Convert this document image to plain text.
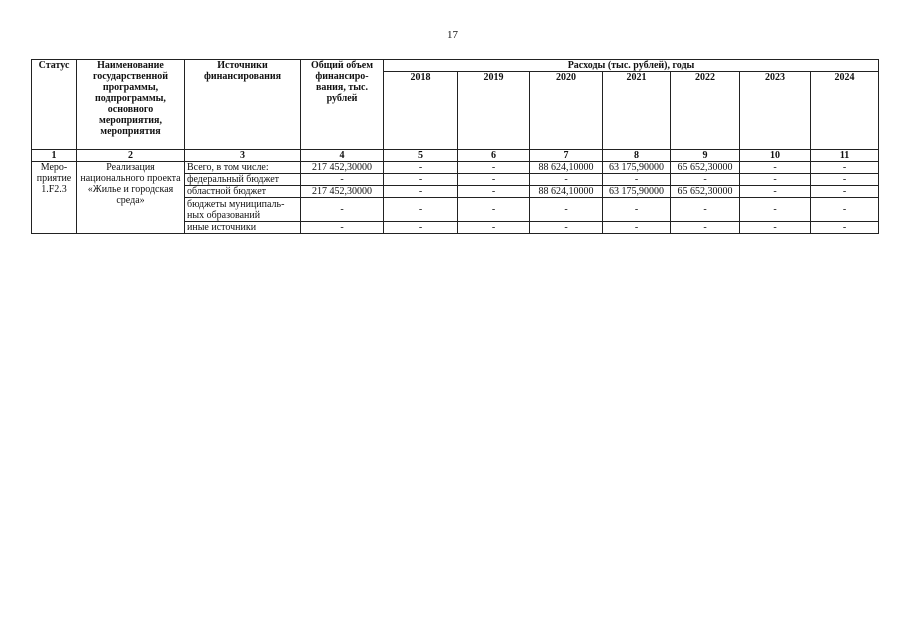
17
Статус	Наименование государственной программы, подпрограммы, основного мероприятия, мероприятия	Источники финансирования	Общий объем финансиро-вания, тыс. рублей	Расходы (тыс. рублей), годы						
				2018	2019	2020	2021	2022	2023	2024
1	2	3	4	5	6	7	8	9	10	11
Меро-приятие 1.F2.3	Реализация национального проекта «Жилье и городская среда»	Всего, в том числе:	217 452,30000	-	-	88 624,10000	63 175,90000	65 652,30000	-	-
		федеральный бюджет	-	-	-	-	-	-	-	-
		областной бюджет	217 452,30000	-	-	88 624,10000	63 175,90000	65 652,30000	-	-
		бюджеты муниципаль-ных образований	-	-	-	-	-	-	-	-
		иные источники	-	-	-	-	-	-	-	-
